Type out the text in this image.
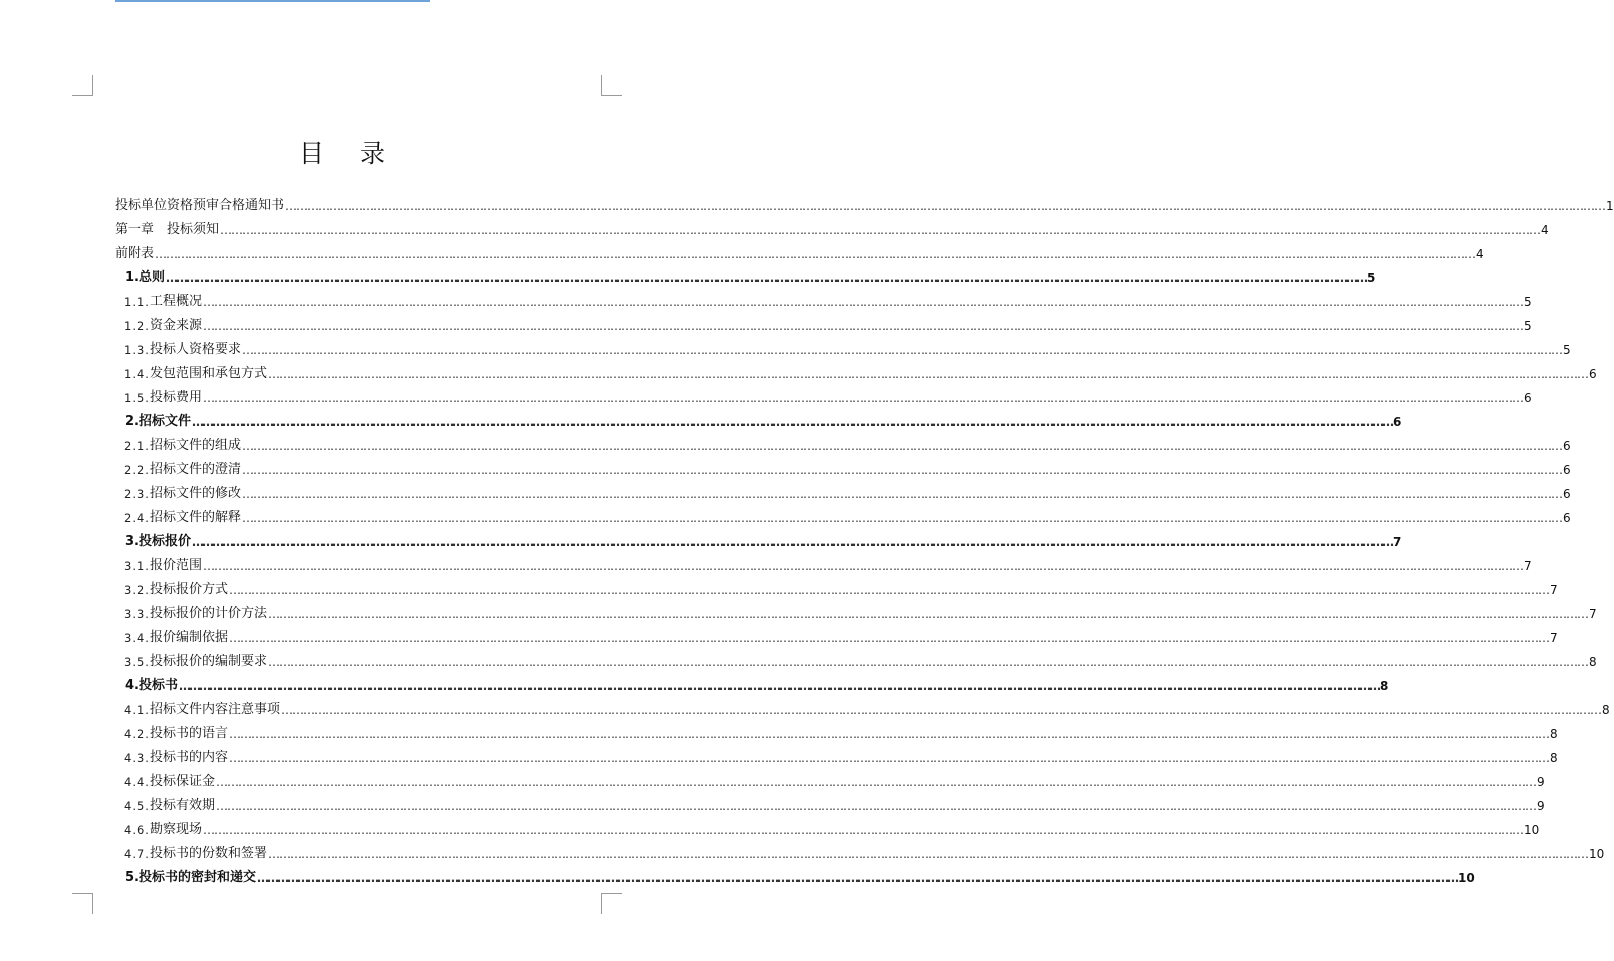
目 录
投标单位资格预审合格通知书 ……………………………………………………………………………………………………………………………………………………………………………………………………………………………………………………………………………………………………………………………… 1
第一章　投标须知 ……………………………………………………………………………………………………………………………………………………………………………………………………………………………………………………………………………………………………………………………… 4
前附表 ……………………………………………………………………………………………………………………………………………………………………………………………………………………………………………………………………………………………………………………………… 4
1. 总则 ……………………………………………………………………………………………………………………………………………………………………………………………………………………………………………………………………………………………………………………………… 5
1.1. 工程概况 ……………………………………………………………………………………………………………………………………………………………………………………………………………………………………………………………………………………………………………………………… 5
1.2. 资金来源 ……………………………………………………………………………………………………………………………………………………………………………………………………………………………………………………………………………………………………………………………… 5
1.3. 投标人资格要求 ……………………………………………………………………………………………………………………………………………………………………………………………………………………………………………………………………………………………………………………………… 5
1.4. 发包范围和承包方式 ……………………………………………………………………………………………………………………………………………………………………………………………………………………………………………………………………………………………………………………………… 6
1.5. 投标费用 ……………………………………………………………………………………………………………………………………………………………………………………………………………………………………………………………………………………………………………………………… 6
2. 招标文件 ……………………………………………………………………………………………………………………………………………………………………………………………………………………………………………………………………………………………………………………………… 6
2.1. 招标文件的组成 ……………………………………………………………………………………………………………………………………………………………………………………………………………………………………………………………………………………………………………………………… 6
2.2. 招标文件的澄清 ……………………………………………………………………………………………………………………………………………………………………………………………………………………………………………………………………………………………………………………………… 6
2.3. 招标文件的修改 ……………………………………………………………………………………………………………………………………………………………………………………………………………………………………………………………………………………………………………………………… 6
2.4. 招标文件的解释 ……………………………………………………………………………………………………………………………………………………………………………………………………………………………………………………………………………………………………………………………… 6
3. 投标报价 ……………………………………………………………………………………………………………………………………………………………………………………………………………………………………………………………………………………………………………………………… 7
3.1. 报价范围 ……………………………………………………………………………………………………………………………………………………………………………………………………………………………………………………………………………………………………………………………… 7
3.2. 投标报价方式 ……………………………………………………………………………………………………………………………………………………………………………………………………………………………………………………………………………………………………………………………… 7
3.3. 投标报价的计价方法 ……………………………………………………………………………………………………………………………………………………………………………………………………………………………………………………………………………………………………………………………… 7
3.4. 报价编制依据 ……………………………………………………………………………………………………………………………………………………………………………………………………………………………………………………………………………………………………………………………… 7
3.5. 投标报价的编制要求 ……………………………………………………………………………………………………………………………………………………………………………………………………………………………………………………………………………………………………………………………… 8
4. 投标书 ……………………………………………………………………………………………………………………………………………………………………………………………………………………………………………………………………………………………………………………………… 8
4.1. 招标文件内容注意事项 ……………………………………………………………………………………………………………………………………………………………………………………………………………………………………………………………………………………………………………………………… 8
4.2. 投标书的语言 ……………………………………………………………………………………………………………………………………………………………………………………………………………………………………………………………………………………………………………………………… 8
4.3. 投标书的内容 ……………………………………………………………………………………………………………………………………………………………………………………………………………………………………………………………………………………………………………………………… 8
4.4. 投标保证金 ……………………………………………………………………………………………………………………………………………………………………………………………………………………………………………………………………………………………………………………………… 9
4.5. 投标有效期 ……………………………………………………………………………………………………………………………………………………………………………………………………………………………………………………………………………………………………………………………… 9
4.6. 勘察现场 ……………………………………………………………………………………………………………………………………………………………………………………………………………………………………………………………………………………………………………………………… 10
4.7. 投标书的份数和签署 ……………………………………………………………………………………………………………………………………………………………………………………………………………………………………………………………………………………………………………………………… 10
5. 投标书的密封和递交 ……………………………………………………………………………………………………………………………………………………………………………………………………………………………………………………………………………………………………………………………… 10
